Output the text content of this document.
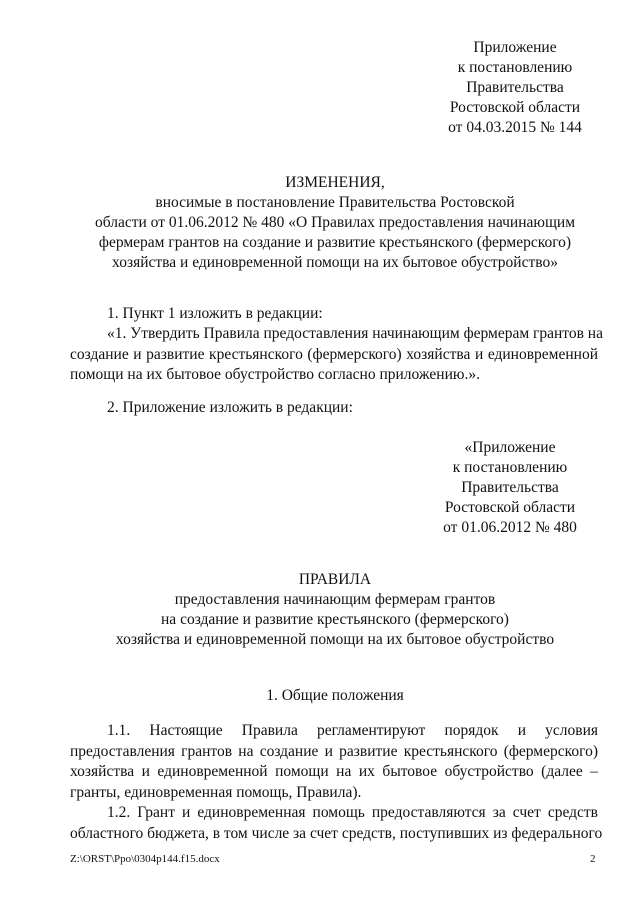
Приложение
к постановлению
Правительства
Ростовской области
от 04.03.2015 № 144
ИЗМЕНЕНИЯ,
вносимые в постановление Правительства Ростовской
области от 01.06.2012 № 480 «О Правилах предоставления начинающим
фермерам грантов на создание и развитие крестьянского (фермерского)
хозяйства и единовременной помощи на их бытовое обустройство»
1. Пункт 1 изложить в редакции:
«1. Утвердить Правила предоставления начинающим фермерам грантов на
создание и развитие крестьянского (фермерского) хозяйства и единовременной
помощи на их бытовое обустройство согласно приложению.».
2. Приложение изложить в редакции:
«Приложение
к постановлению
Правительства
Ростовской области
от 01.06.2012 № 480
ПРАВИЛА
предоставления начинающим фермерам грантов
на создание и развитие крестьянского (фермерского)
хозяйства и единовременной помощи на их бытовое обустройство
1. Общие положения
1.1. Настоящие Правила регламентируют порядок и условия
предоставления грантов на создание и развитие крестьянского (фермерского)
хозяйства и единовременной помощи на их бытовое обустройство (далее –
гранты, единовременная помощь, Правила).
1.2. Грант и единовременная помощь предоставляются за счет средств
областного бюджета, в том числе за счет средств, поступивших из федерального
Z:\ORST\Ppo\0304p144.f15.docx	2
